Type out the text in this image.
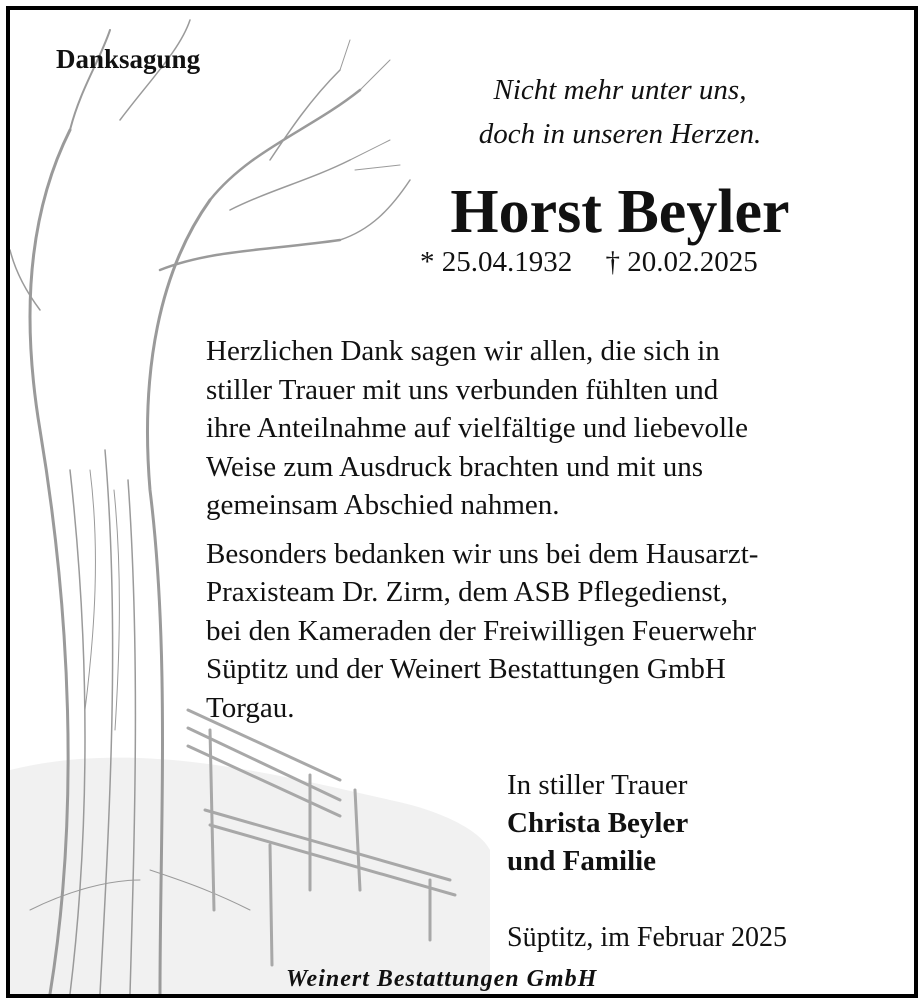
Danksagung
Nicht mehr unter uns,
doch in unseren Herzen.
Horst Beyler
* 25.04.1932 † 20.02.2025

Herzlichen Dank sagen wir allen, die sich in
stiller Trauer mit uns verbunden fühlten und
ihre Anteilnahme auf vielfältige und liebevolle
Weise zum Ausdruck brachten und mit uns
gemeinsam Abschied nahmen.

Besonders bedanken wir uns bei dem Hausarzt-
Praxisteam Dr. Zirm, dem ASB Pflegedienst,
bei den Kameraden der Freiwilligen Feuerwehr
Süptitz und der Weinert Bestattungen GmbH
Torgau.

In stiller Trauer
Christa Beyler
und Familie
Süptitz, im Februar 2025
Weinert Bestattungen GmbH
